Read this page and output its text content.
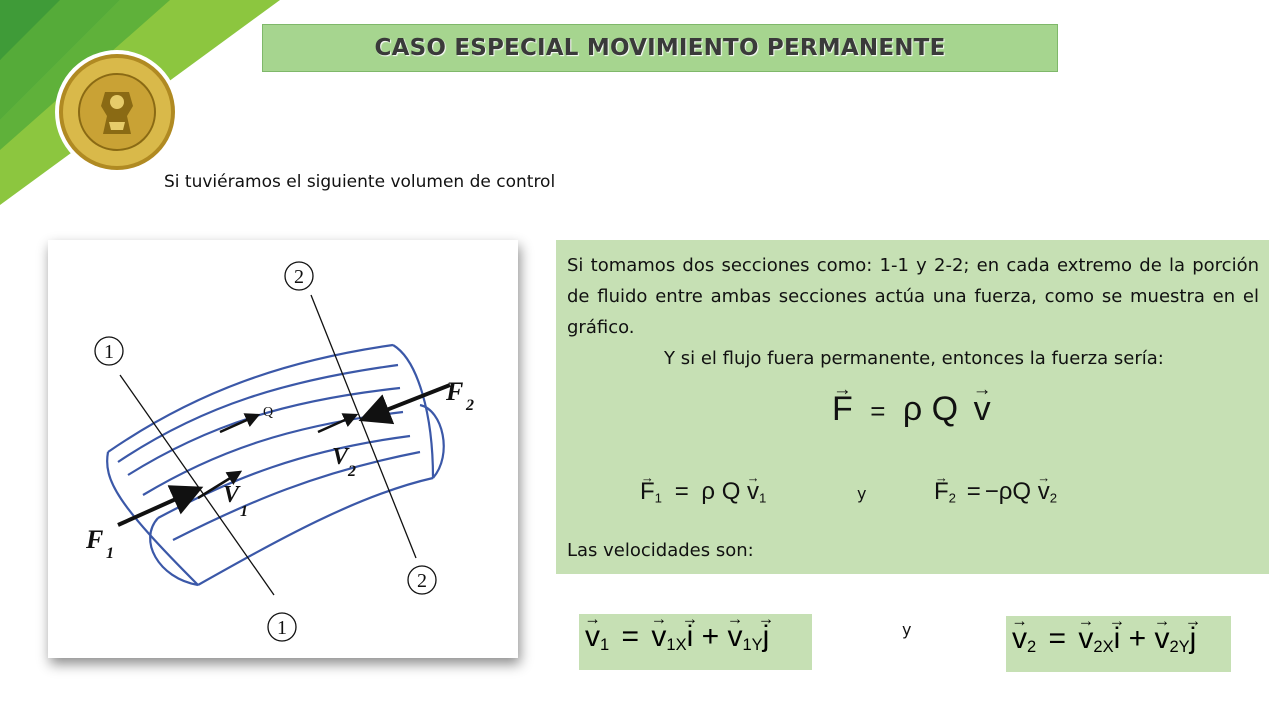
CASO ESPECIAL MOVIMIENTO PERMANENTE
Si tuviéramos el siguiente volumen de control
1
2
1
2
F 1
F 2
V
1
V
2
Q

Si tomamos dos secciones como: 1-1 y 2-2; en cada extremo de la porción de fluido entre ambas secciones actúa una fuerza, como se muestra en el gráfico.

Y si el flujo fuera permanente, entonces la fuerza sería:

→ F = ρ Q → v
→ $F_1 = \rho$ $Q \to v_1$	y	→ $F_2 = -\rho Q \to v_2$
Las velocidades son:
→ $v_1$ = → $v_{1X}\to i$ + → $v_{1Y}\to j$	y	→ $v_2$ = → $v_{2X}\to i$ + → $v_{2Y}\to j$
